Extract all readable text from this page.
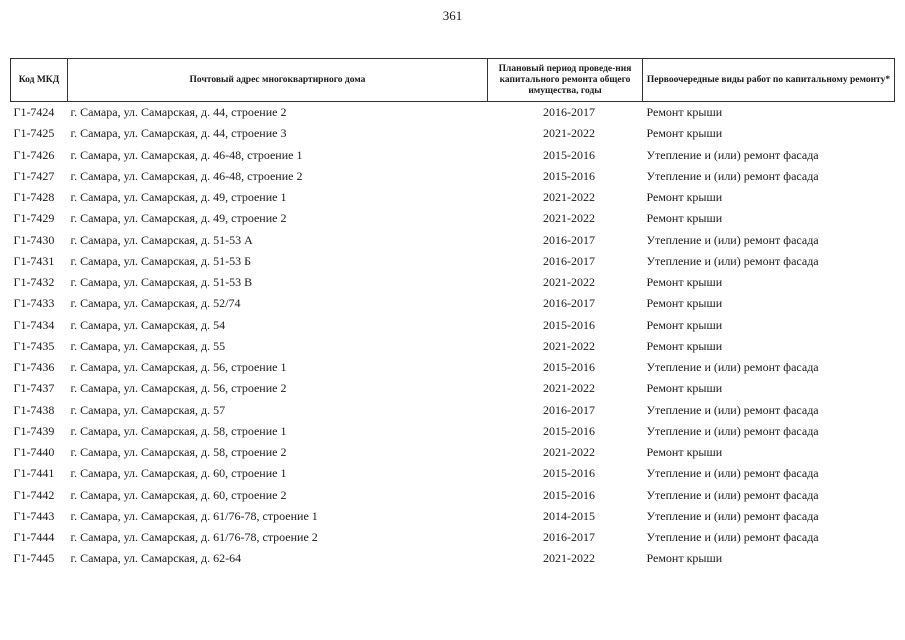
361
Код МКД	Почтовый адрес многоквартирного дома	Плановый период проведе-ния капитального ремонта общего имущества, годы	Первоочередные виды работ по капитальному ремонту*
Г1-7424	г. Самара, ул. Самарская, д. 44, строение 2	2016-2017	Ремонт крыши
Г1-7425	г. Самара, ул. Самарская, д. 44, строение 3	2021-2022	Ремонт крыши
Г1-7426	г. Самара, ул. Самарская, д. 46-48, строение 1	2015-2016	Утепление и (или) ремонт фасада
Г1-7427	г. Самара, ул. Самарская, д. 46-48, строение 2	2015-2016	Утепление и (или) ремонт фасада
Г1-7428	г. Самара, ул. Самарская, д. 49, строение 1	2021-2022	Ремонт крыши
Г1-7429	г. Самара, ул. Самарская, д. 49, строение 2	2021-2022	Ремонт крыши
Г1-7430	г. Самара, ул. Самарская, д. 51-53 А	2016-2017	Утепление и (или) ремонт фасада
Г1-7431	г. Самара, ул. Самарская, д. 51-53 Б	2016-2017	Утепление и (или) ремонт фасада
Г1-7432	г. Самара, ул. Самарская, д. 51-53 В	2021-2022	Ремонт крыши
Г1-7433	г. Самара, ул. Самарская, д. 52/74	2016-2017	Ремонт крыши
Г1-7434	г. Самара, ул. Самарская, д. 54	2015-2016	Ремонт крыши
Г1-7435	г. Самара, ул. Самарская, д. 55	2021-2022	Ремонт крыши
Г1-7436	г. Самара, ул. Самарская, д. 56, строение 1	2015-2016	Утепление и (или) ремонт фасада
Г1-7437	г. Самара, ул. Самарская, д. 56, строение 2	2021-2022	Ремонт крыши
Г1-7438	г. Самара, ул. Самарская, д. 57	2016-2017	Утепление и (или) ремонт фасада
Г1-7439	г. Самара, ул. Самарская, д. 58, строение 1	2015-2016	Утепление и (или) ремонт фасада
Г1-7440	г. Самара, ул. Самарская, д. 58, строение 2	2021-2022	Ремонт крыши
Г1-7441	г. Самара, ул. Самарская, д. 60, строение 1	2015-2016	Утепление и (или) ремонт фасада
Г1-7442	г. Самара, ул. Самарская, д. 60, строение 2	2015-2016	Утепление и (или) ремонт фасада
Г1-7443	г. Самара, ул. Самарская, д. 61/76-78, строение 1	2014-2015	Утепление и (или) ремонт фасада
Г1-7444	г. Самара, ул. Самарская, д. 61/76-78, строение 2	2016-2017	Утепление и (или) ремонт фасада
Г1-7445	г. Самара, ул. Самарская, д. 62-64	2021-2022	Ремонт крыши
